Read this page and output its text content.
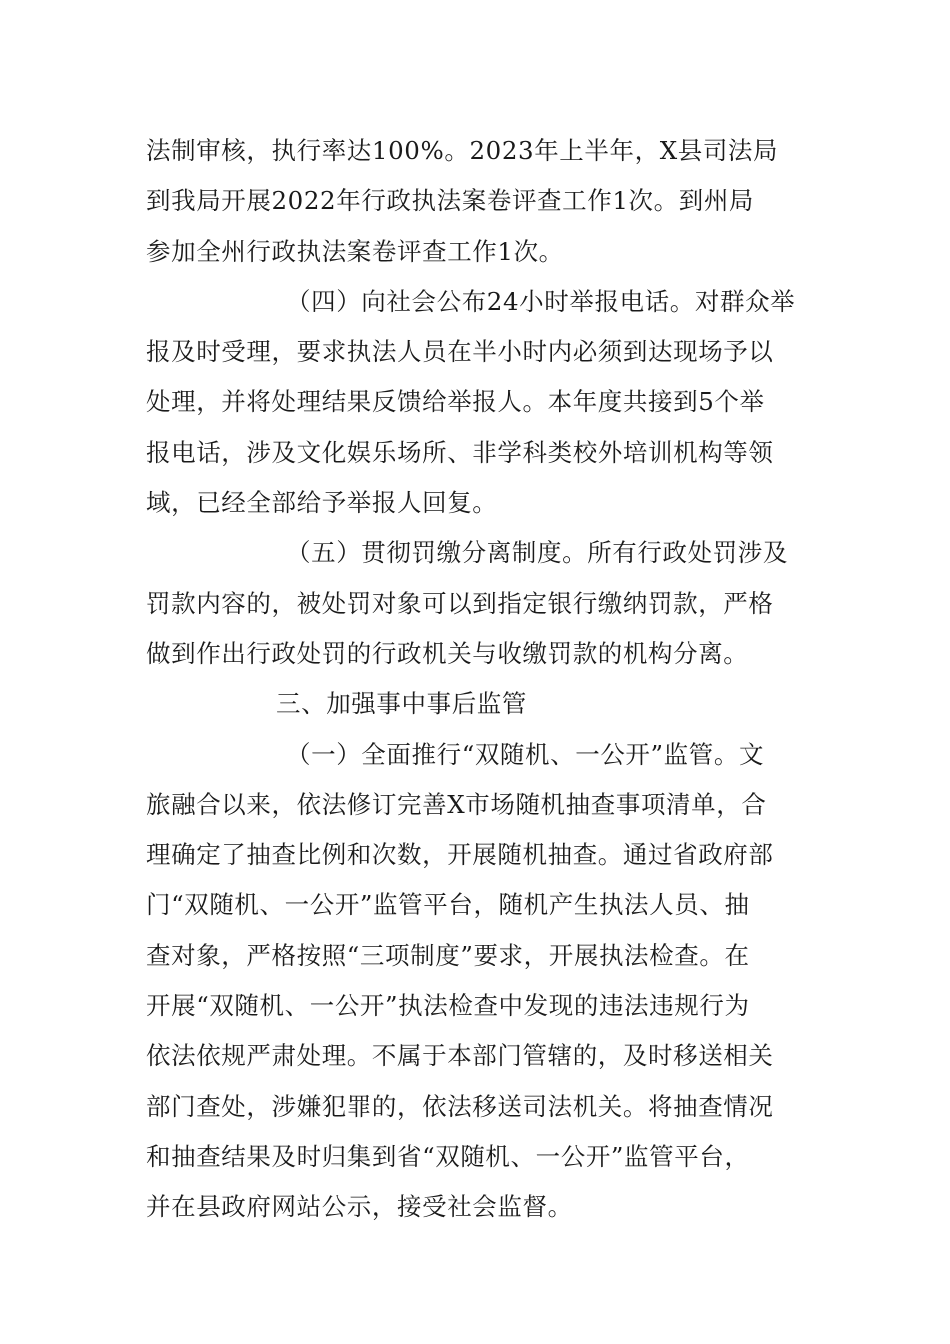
法制审核，执行率达100%。2023年上半年，X县司法局
到我局开展2022年行政执法案卷评查工作1次。到州局
参加全州行政执法案卷评查工作1次。
（四）向社会公布24小时举报电话。对群众举
报及时受理，要求执法人员在半小时内必须到达现场予以
处理，并将处理结果反馈给举报人。本年度共接到5个举
报电话，涉及文化娱乐场所、非学科类校外培训机构等领
域，已经全部给予举报人回复。
（五）贯彻罚缴分离制度。所有行政处罚涉及
罚款内容的，被处罚对象可以到指定银行缴纳罚款，严格
做到作出行政处罚的行政机关与收缴罚款的机构分离。
三、加强事中事后监管
（一）全面推行“双随机、一公开”监管。文
旅融合以来，依法修订完善X市场随机抽查事项清单，合
理确定了抽查比例和次数，开展随机抽查。通过省政府部
门“双随机、一公开”监管平台，随机产生执法人员、抽
查对象，严格按照“三项制度”要求，开展执法检查。在
开展“双随机、一公开”执法检查中发现的违法违规行为
依法依规严肃处理。不属于本部门管辖的，及时移送相关
部门查处，涉嫌犯罪的，依法移送司法机关。将抽查情况
和抽查结果及时归集到省“双随机、一公开”监管平台，
并在县政府网站公示，接受社会监督。
